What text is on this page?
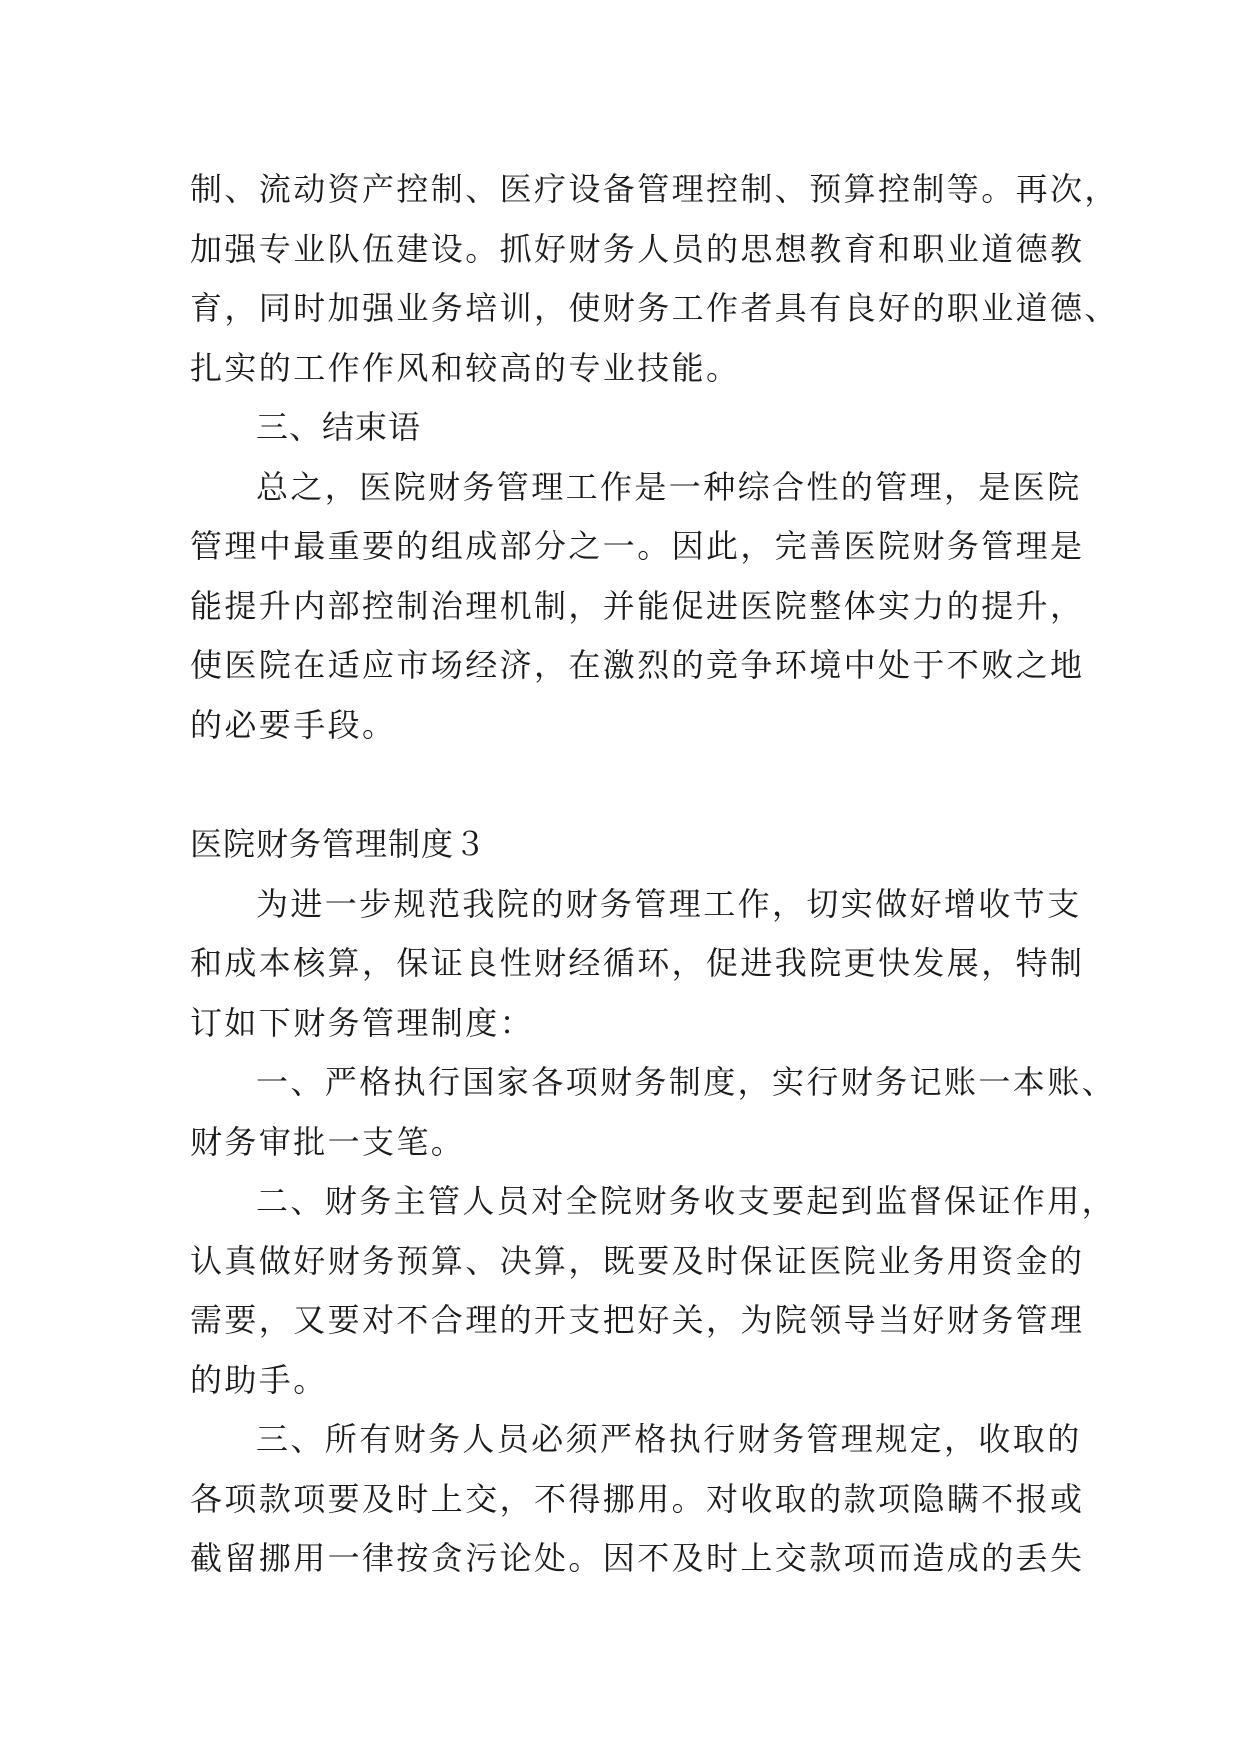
制、流动资产控制、医疗设备管理控制、预算控制等。再次，
加强专业队伍建设。抓好财务人员的思想教育和职业道德教
育，同时加强业务培训，使财务工作者具有良好的职业道德、
扎实的工作作风和较高的专业技能。
三、结束语
总之，医院财务管理工作是一种综合性的管理，是医院
管理中最重要的组成部分之一。因此，完善医院财务管理是
能提升内部控制治理机制，并能促进医院整体实力的提升，
使医院在适应市场经济，在激烈的竞争环境中处于不败之地
的必要手段。
医院财务管理制度３
为进一步规范我院的财务管理工作，切实做好增收节支
和成本核算，保证良性财经循环，促进我院更快发展，特制
订如下财务管理制度：
一、严格执行国家各项财务制度，实行财务记账一本账、
财务审批一支笔。
二、财务主管人员对全院财务收支要起到监督保证作用，
认真做好财务预算、决算，既要及时保证医院业务用资金的
需要，又要对不合理的开支把好关，为院领导当好财务管理
的助手。
三、所有财务人员必须严格执行财务管理规定，收取的
各项款项要及时上交，不得挪用。对收取的款项隐瞒不报或
截留挪用一律按贪污论处。因不及时上交款项而造成的丢失
